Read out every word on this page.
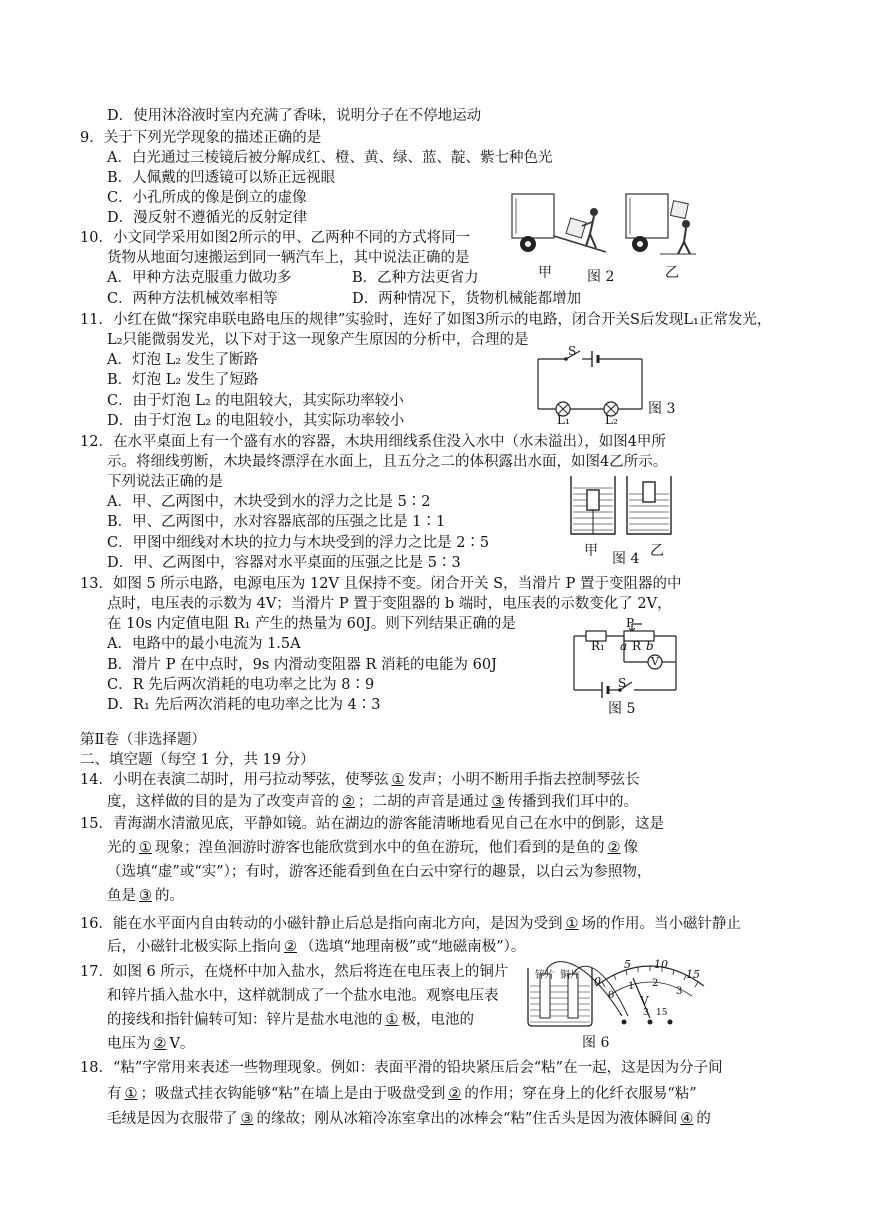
D．使用沐浴液时室内充满了香味，说明分子在不停地运动
9．关于下列光学现象的描述正确的是
A．白光通过三棱镜后被分解成红、橙、黄、绿、蓝、靛、紫七种色光
B．人佩戴的凹透镜可以矫正远视眼
C．小孔所成的像是倒立的虚像
D．漫反射不遵循光的反射定律
10．小文同学采用如图2所示的甲、乙两种不同的方式将同一
货物从地面匀速搬运到同一辆汽车上，其中说法正确的是
A．甲种方法克服重力做功多	B．乙种方法更省力
C．两种方法机械效率相等	D．两种情况下，货物机械能都增加
甲	图 2	乙
11．小红在做“探究串联电路电压的规律”实验时，连好了如图3所示的电路，闭合开关S后发现L₁正常发光，
L₂只能微弱发光，以下对于这一现象产生原因的分析中，合理的是
A．灯泡 L₂ 发生了断路
B．灯泡 L₂ 发生了短路
C．由于灯泡 L₂ 的电阻较大，其实际功率较小
D．由于灯泡 L₂ 的电阻较小，其实际功率较小
S
L₁	L₂
图 3
12．在水平桌面上有一个盛有水的容器，木块用细线系住没入水中（水未溢出），如图4甲所
示。将细线剪断，木块最终漂浮在水面上，且五分之二的体积露出水面，如图4乙所示。
下列说法正确的是
A．甲、乙两图中，木块受到水的浮力之比是 5∶2
B．甲、乙两图中，水对容器底部的压强之比是 1∶1
C．甲图中细线对木块的拉力与木块受到的浮力之比是 2∶5
D．甲、乙两图中，容器对水平桌面的压强之比是 5∶3
甲 图 4 乙
13．如图 5 所示电路，电源电压为 12V 且保持不变。闭合开关 S，当滑片 P 置于变阻器的中
点时，电压表的示数为 4V；当滑片 P 置于变阻器的 b 端时，电压表的示数变化了 2V，
在 10s 内定值电阻 R₁ 产生的热量为 60J。则下列结果正确的是
A．电路中的最小电流为 1.5A
B．滑片 P 在中点时，9s 内滑动变阻器 R 消耗的电能为 60J
C．R 先后两次消耗的电功率之比为 8∶9
D．R₁ 先后两次消耗的电功率之比为 4∶3
P
R₁ a R b
V
S
图 5
第Ⅱ卷（非选择题）
二、填空题（每空 1 分，共 19 分）
14．小明在表演二胡时，用弓拉动琴弦，使琴弦 ① 发声；小明不断用手指去控制琴弦长
度，这样做的目的是为了改变声音的 ② ；二胡的声音是通过 ③ 传播到我们耳中的。
15．青海湖水清澈见底，平静如镜。站在湖边的游客能清晰地看见自己在水中的倒影，这是
光的 ① 现象；湟鱼洄游时游客也能欣赏到水中的鱼在游玩，他们看到的是鱼的 ② 像
（选填“虚”或“实”）；有时，游客还能看到鱼在白云中穿行的趣景，以白云为参照物，
鱼是 ③ 的。
16．能在水平面内自由转动的小磁针静止后总是指向南北方向，是因为受到 ① 场的作用。当小磁针静止
后，小磁针北极实际上指向 ② （选填“地理南极”或“地磁南极”）。
17．如图 6 所示，在烧杯中加入盐水，然后将连在电压表上的铜片
和锌片插入盐水中，这样就制成了一个盐水电池。观察电压表
的接线和指针偏转可知：锌片是盐水电池的 ① 极，电池的
电压为 ② V。
锌片 铜片 0
5 10
15
0
1 2
3
V
- 3 15
图 6
18．“粘”字常用来表述一些物理现象。例如：表面平滑的铅块紧压后会“粘”在一起，这是因为分子间
有 ① ；吸盘式挂衣钩能够“粘”在墙上是由于吸盘受到 ② 的作用；穿在身上的化纤衣服易“粘”
毛绒是因为衣服带了 ③ 的缘故；刚从冰箱冷冻室拿出的冰棒会“粘”住舌头是因为液体瞬间 ④ 的
